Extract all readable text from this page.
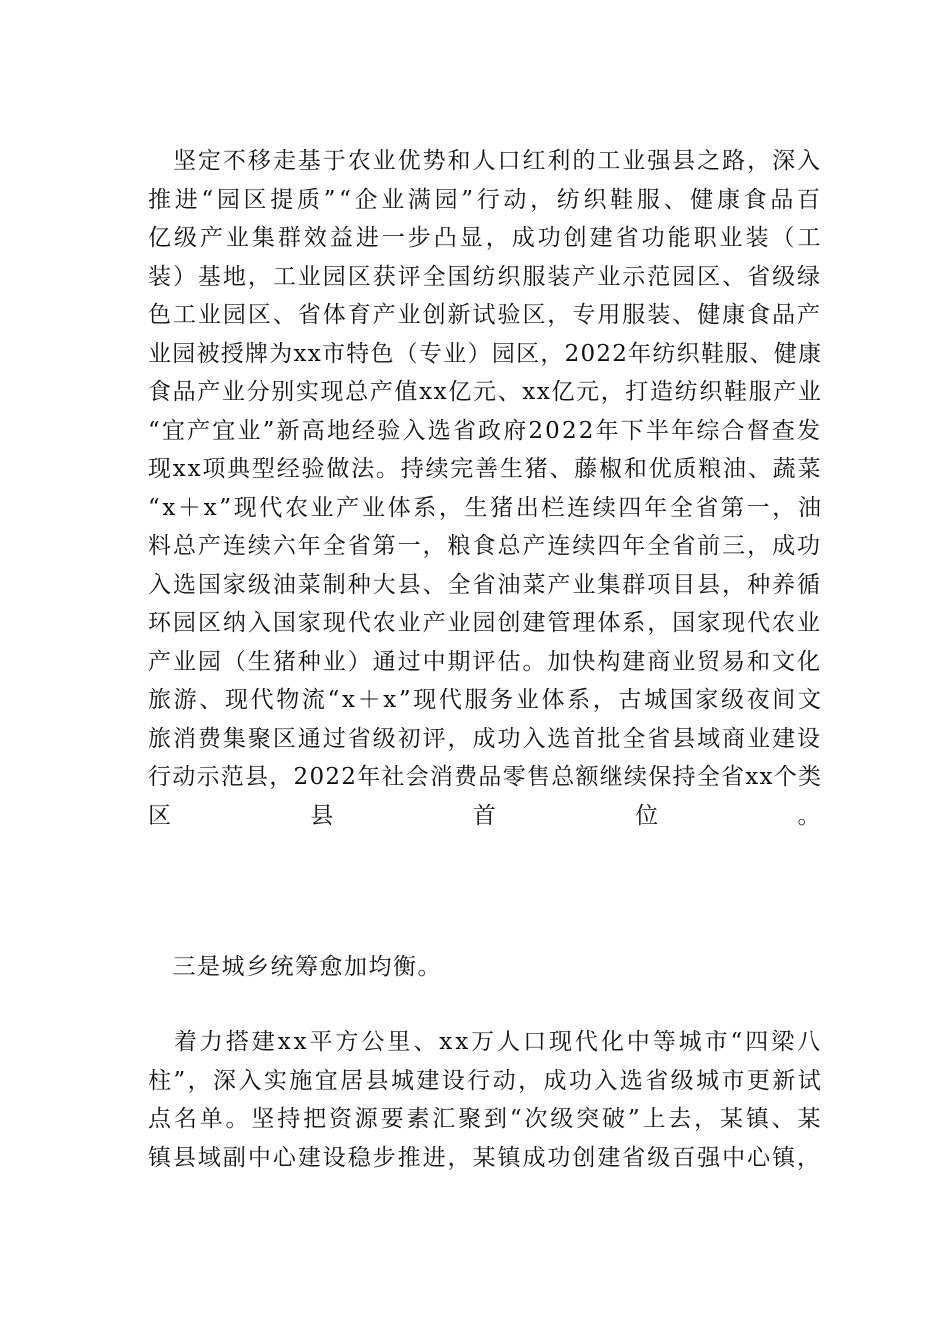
　坚定不移走基于农业优势和人口红利的工业强县之路，深入
推进“园区提质”“企业满园”行动，纺织鞋服、健康食品百
亿级产业集群效益进一步凸显，成功创建省功能职业装（工
装）基地，工业园区获评全国纺织服装产业示范园区、省级绿
色工业园区、省体育产业创新试验区，专用服装、健康食品产
业园被授牌为xx市特色（专业）园区，2022年纺织鞋服、健康
食品产业分别实现总产值xx亿元、xx亿元，打造纺织鞋服产业
“宜产宜业”新高地经验入选省政府2022年下半年综合督查发
现xx项典型经验做法。持续完善生猪、藤椒和优质粮油、蔬菜
“x＋x”现代农业产业体系，生猪出栏连续四年全省第一，油
料总产连续六年全省第一，粮食总产连续四年全省前三，成功
入选国家级油菜制种大县、全省油菜产业集群项目县，种养循
环园区纳入国家现代农业产业园创建管理体系，国家现代农业
产业园（生猪种业）通过中期评估。加快构建商业贸易和文化
旅游、现代物流“x＋x”现代服务业体系，古城国家级夜间文
旅消费集聚区通过省级初评，成功入选首批全省县域商业建设
行动示范县，2022年社会消费品零售总额继续保持全省xx个类
区县首位。
　三是城乡统筹愈加均衡。
　着力搭建xx平方公里、xx万人口现代化中等城市“四梁八
柱”，深入实施宜居县城建设行动，成功入选省级城市更新试
点名单。坚持把资源要素汇聚到“次级突破”上去，某镇、某
镇县域副中心建设稳步推进，某镇成功创建省级百强中心镇，
